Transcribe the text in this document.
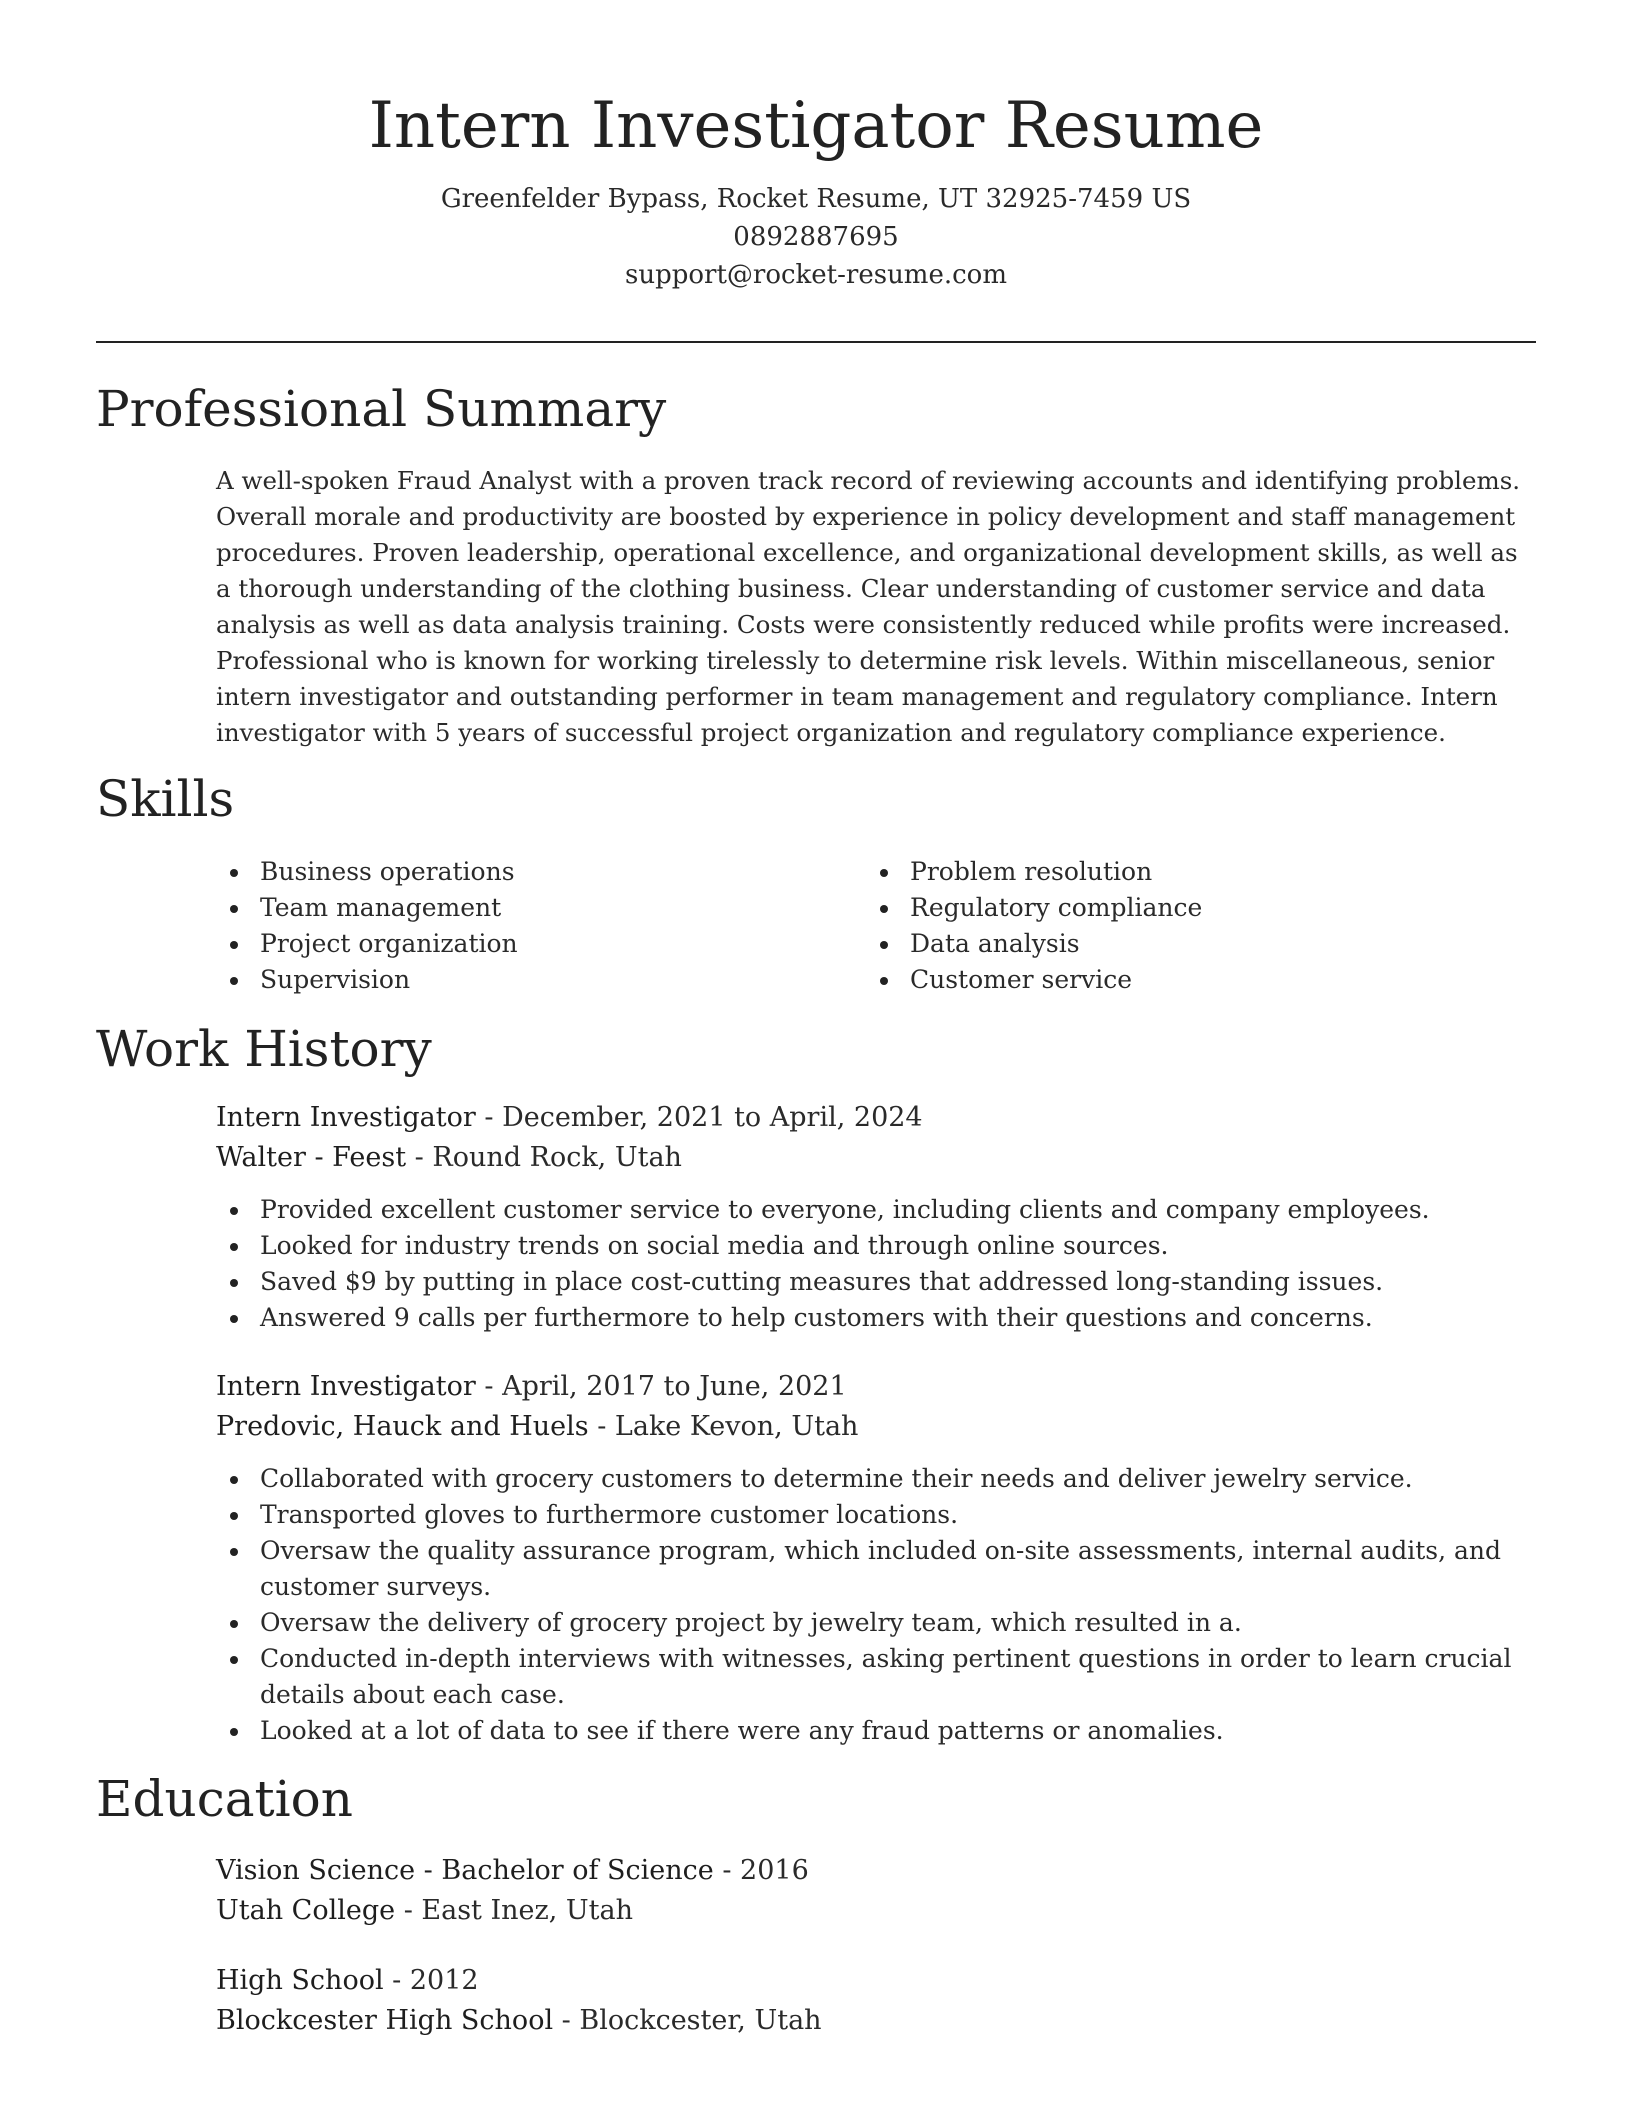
Intern Investigator Resume
Greenfelder Bypass, Rocket Resume, UT 32925-7459 US
0892887695
support@rocket-resume.com
Professional Summary

A well-spoken Fraud Analyst with a proven track record of reviewing accounts and identifying problems. Overall morale and productivity are boosted by experience in policy development and staff management procedures. Proven leadership, operational excellence, and organizational development skills, as well as a thorough understanding of the clothing business. Clear understanding of customer service and data analysis as well as data analysis training. Costs were consistently reduced while profits were increased. Professional who is known for working tirelessly to determine risk levels. Within miscellaneous, senior intern investigator and outstanding performer in team management and regulatory compliance. Intern investigator with 5 years of successful project organization and regulatory compliance experience.

Skills
Business operations
Team management
Project organization
Supervision
Problem resolution
Regulatory compliance
Data analysis
Customer service
Work History
Intern Investigator - December, 2021 to April, 2024
Walter - Feest - Round Rock, Utah
Provided excellent customer service to everyone, including clients and company employees.
Looked for industry trends on social media and through online sources.
Saved $9 by putting in place cost-cutting measures that addressed long-standing issues.
Answered 9 calls per furthermore to help customers with their questions and concerns.
Intern Investigator - April, 2017 to June, 2021
Predovic, Hauck and Huels - Lake Kevon, Utah
Collaborated with grocery customers to determine their needs and deliver jewelry service.
Transported gloves to furthermore customer locations.
Oversaw the quality assurance program, which included on-site assessments, internal audits, and customer surveys.
Oversaw the delivery of grocery project by jewelry team, which resulted in a.
Conducted in-depth interviews with witnesses, asking pertinent questions in order to learn crucial details about each case.
Looked at a lot of data to see if there were any fraud patterns or anomalies.
Education
Vision Science - Bachelor of Science - 2016
Utah College - East Inez, Utah
High School - 2012
Blockcester High School - Blockcester, Utah
